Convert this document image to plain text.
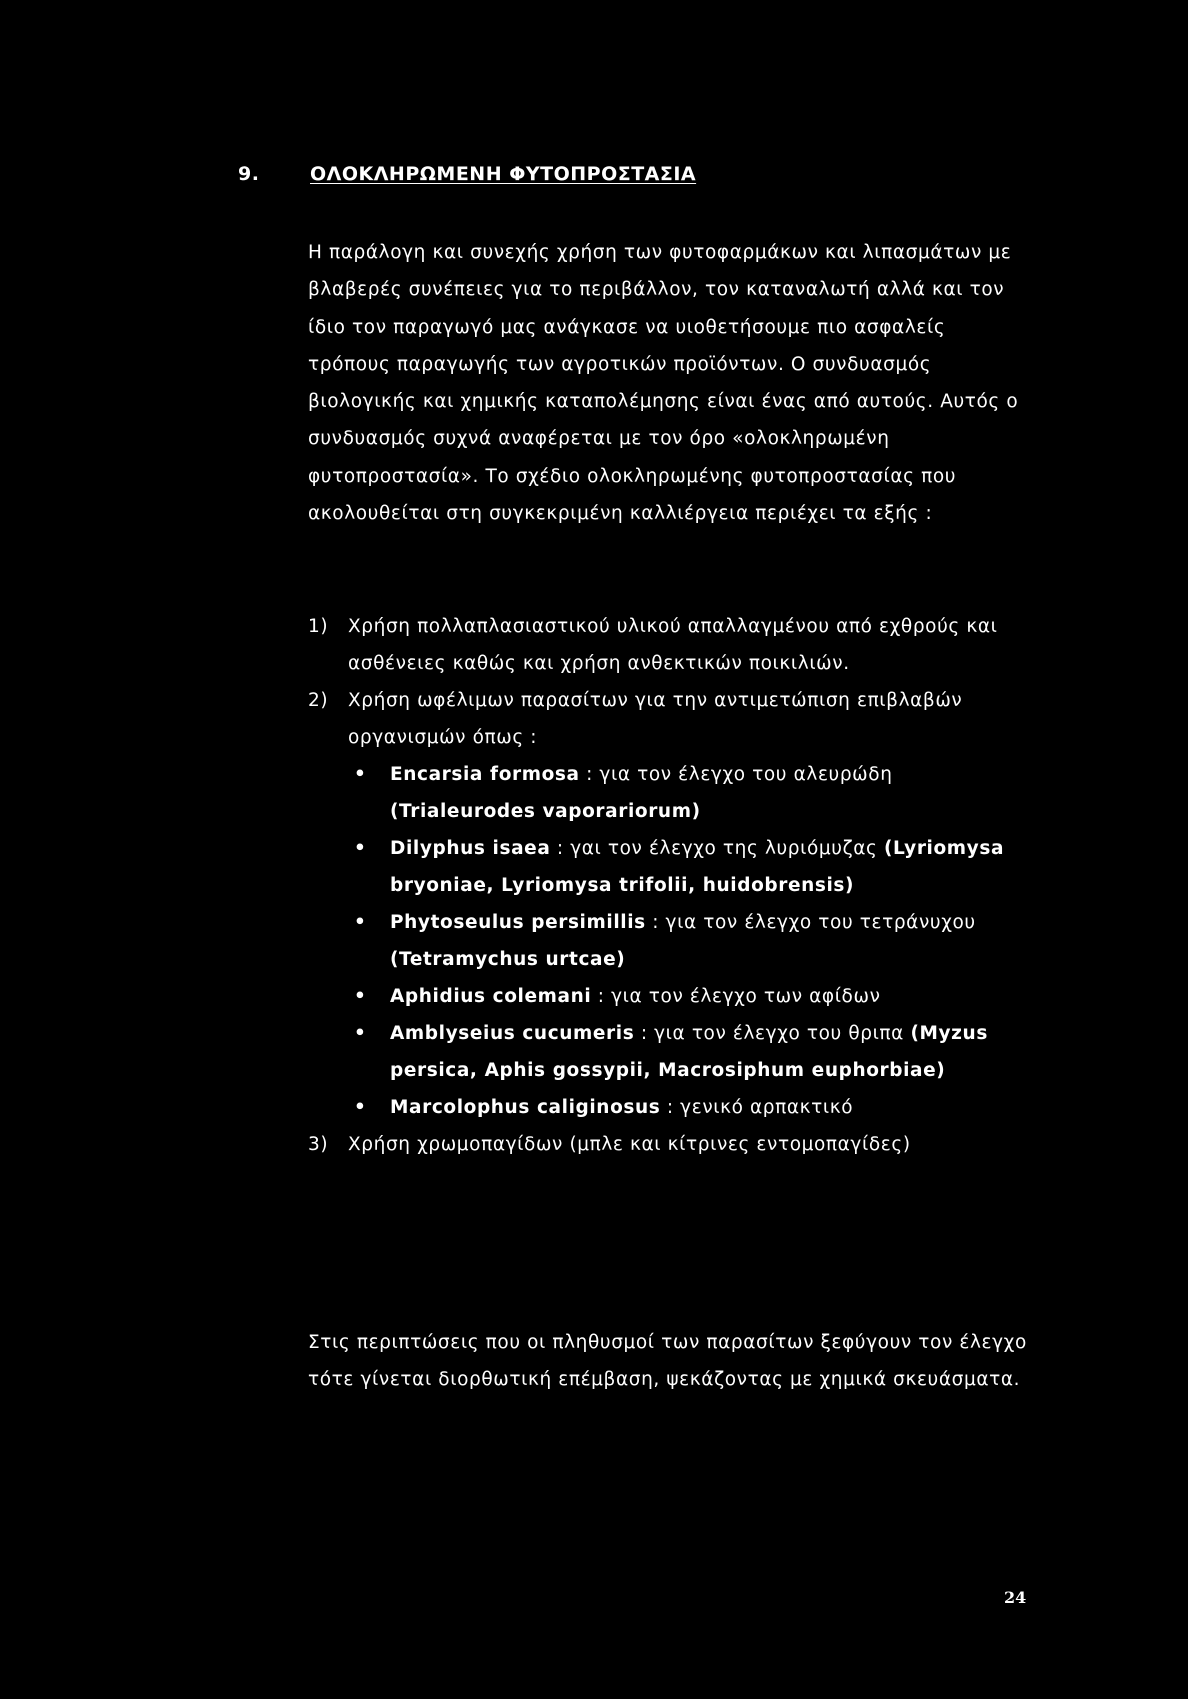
9.	ΟΛΟΚΛΗΡΩΜΕΝΗ ΦΥΤΟΠΡΟΣΤΑΣΙΑ

Η παράλογη και συνεχής χρήση των φυτοφαρμάκων και λιπασμάτων με βλαβερές συνέπειες για το περιβάλλον, τον καταναλωτή αλλά και τον ίδιο τον παραγωγό μας ανάγκασε να υιοθετήσουμε πιο ασφαλείς τρόπους παραγωγής των αγροτικών προϊόντων. Ο συνδυασμός βιολογικής και χημικής καταπολέμησης είναι ένας από αυτούς. Αυτός ο συνδυασμός συχνά αναφέρεται με τον όρο «ολοκληρωμένη φυτοπροστασία». Το σχέδιο ολοκληρωμένης φυτοπροστασίας που ακολουθείται στη συγκεκριμένη καλλιέργεια περιέχει τα εξής :

1) Χρήση πολλαπλασιαστικού υλικού απαλλαγμένου από εχθρούς και ασθένειες καθώς και χρήση ανθεκτικών ποικιλιών.
2) Χρήση ωφέλιμων παρασίτων για την αντιμετώπιση επιβλαβών οργανισμών όπως :
• Encarsia formosa : για τον έλεγχο του αλευρώδη (Trialeurodes vaporariorum)
• Dilyphus isaea : γαι τον έλεγχο της λυριόμυζας (Lyriomysa bryoniae, Lyriomysa trifolii, huidobrensis)
• Phytoseulus persimillis : για τον έλεγχο του τετράνυχου (Tetramychus urtcae)
• Aphidius colemani : για τον έλεγχο των αφίδων
• Amblyseius cucumeris : για τον έλεγχο του θριπα (Myzus persica, Aphis gossypii, Macrosiphum euphorbiae)
• Marcolophus caliginosus : γενικό αρπακτικό
3) Χρήση χρωμοπαγίδων (μπλε και κίτρινες εντομοπαγίδες)

Στις περιπτώσεις που οι πληθυσμοί των παρασίτων ξεφύγουν τον έλεγχο τότε γίνεται διορθωτική επέμβαση, ψεκάζοντας με χημικά σκευάσματα.

24
